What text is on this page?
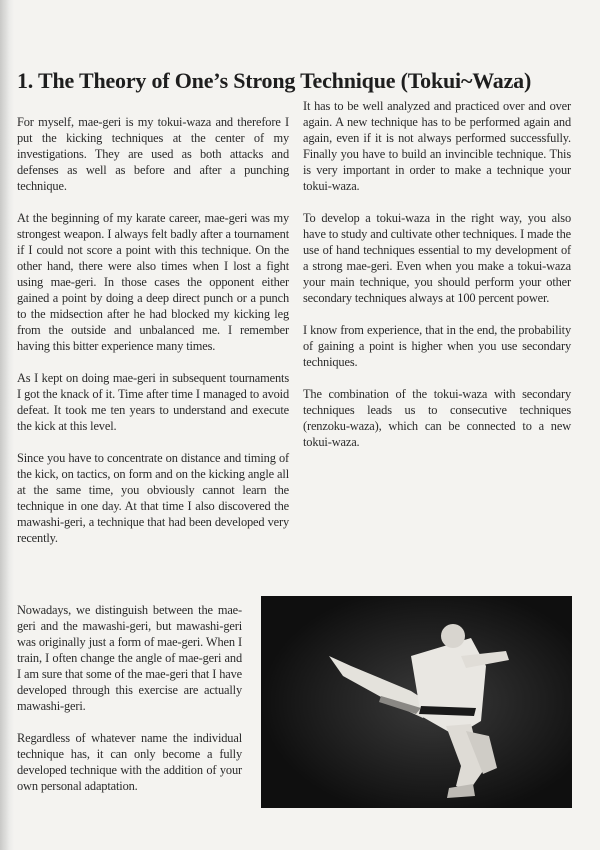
1. The Theory of One’s Strong Technique (Tokui~Waza)

For myself, mae-geri is my tokui-waza and therefore I put the kicking techniques at the center of my investigations. They are used as both attacks and defenses as well as before and after a punching technique.

At the beginning of my karate career, mae-geri was my strongest weapon. I always felt badly after a tournament if I could not score a point with this technique. On the other hand, there were also times when I lost a fight using mae-geri. In those cases the opponent either gained a point by doing a deep direct punch or a punch to the midsection after he had blocked my kicking leg from the outside and unbalanced me. I remember having this bitter experience many times.

As I kept on doing mae-geri in subsequent tournaments I got the knack of it. Time after time I managed to avoid defeat. It took me ten years to understand and execute the kick at this level.

Since you have to concentrate on distance and timing of the kick, on tactics, on form and on the kicking angle all at the same time, you obviously cannot learn the technique in one day. At that time I also discovered the mawashi-geri, a technique that had been developed very recently.

It has to be well analyzed and practiced over and over again. A new technique has to be performed again and again, even if it is not always performed successfully. Finally you have to build an invincible technique. This is very important in order to make a technique your tokui-waza.

To develop a tokui-waza in the right way, you also have to study and cultivate other techniques. I made the use of hand techniques essential to my development of a strong mae-geri. Even when you make a tokui-waza your main technique, you should perform your other secondary techniques always at 100 percent power.

I know from experience, that in the end, the probability of gaining a point is higher when you use secondary techniques.

The combination of the tokui-waza with secondary techniques leads us to consecutive techniques (renzoku-waza), which can be connected to a new tokui-waza.

Nowadays, we distinguish between the mae-geri and the mawashi-geri, but mawashi-geri was originally just a form of mae-geri. When I train, I often change the angle of mae-geri and I am sure that some of the mae-geri that I have developed through this exercise are actually mawashi-geri.

Regardless of whatever name the individual technique has, it can only become a fully developed technique with the addition of your own personal adaptation.
